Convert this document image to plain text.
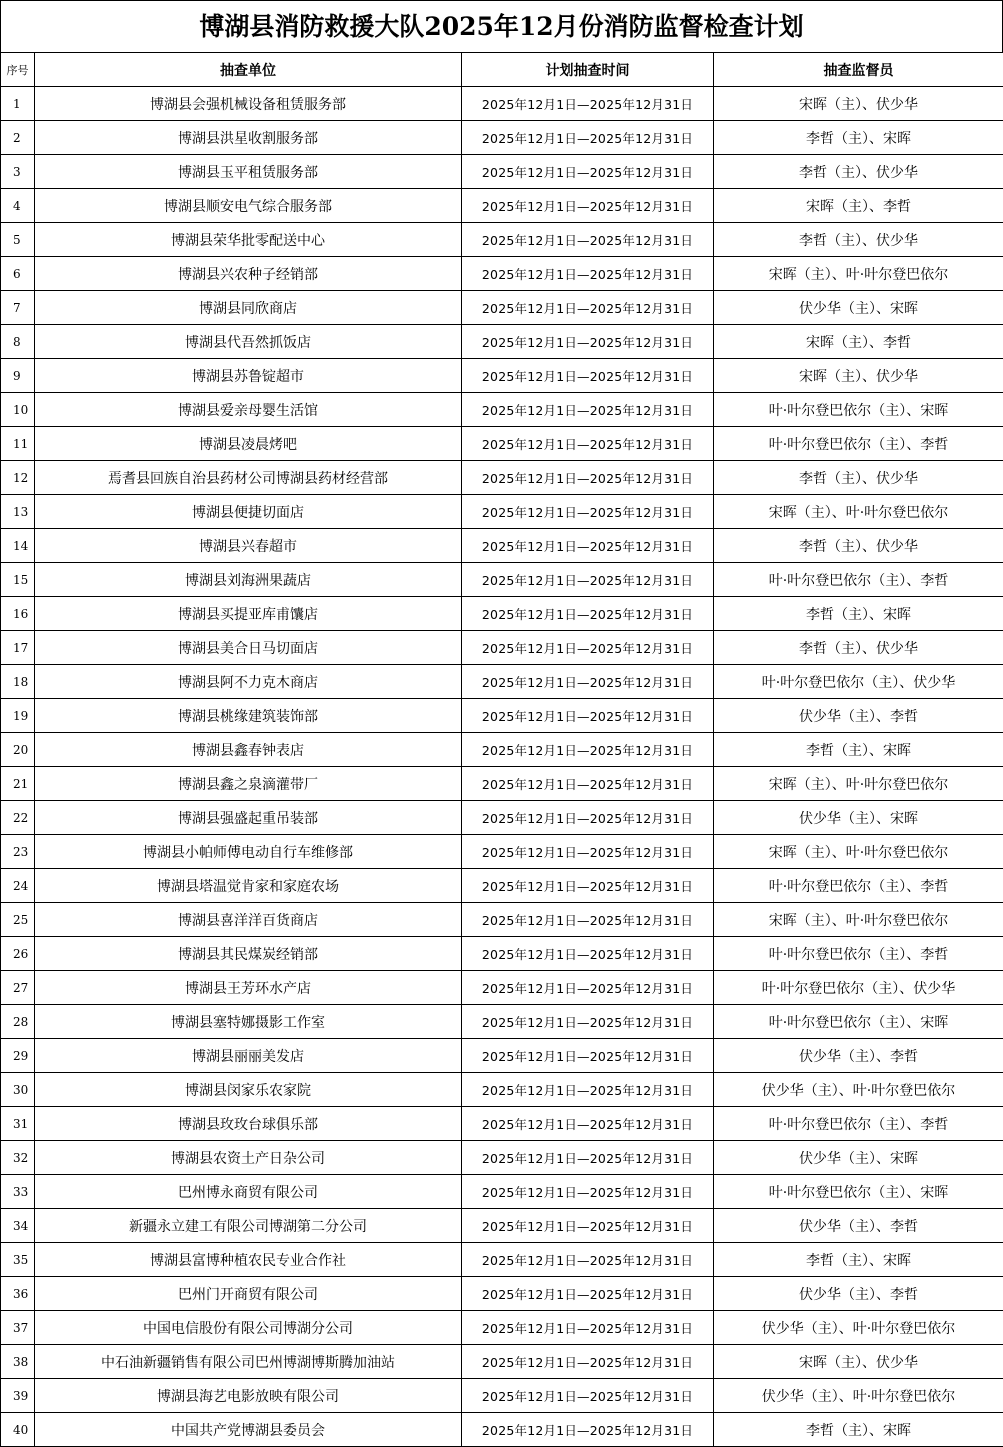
博湖县消防救援大队2025年12月份消防监督检查计划
序号	抽查单位	计划抽查时间	抽查监督员
1	博湖县会强机械设备租赁服务部	2025年12月1日—2025年12月31日	宋晖（主）、伏少华
2	博湖县洪星收割服务部	2025年12月1日—2025年12月31日	李哲（主）、宋晖
3	博湖县玉平租赁服务部	2025年12月1日—2025年12月31日	李哲（主）、伏少华
4	博湖县顺安电气综合服务部	2025年12月1日—2025年12月31日	宋晖（主）、李哲
5	博湖县荣华批零配送中心	2025年12月1日—2025年12月31日	李哲（主）、伏少华
6	博湖县兴农种子经销部	2025年12月1日—2025年12月31日	宋晖（主）、叶·叶尔登巴依尔
7	博湖县同欣商店	2025年12月1日—2025年12月31日	伏少华（主）、宋晖
8	博湖县代吾然抓饭店	2025年12月1日—2025年12月31日	宋晖（主）、李哲
9	博湖县苏鲁锭超市	2025年12月1日—2025年12月31日	宋晖（主）、伏少华
10	博湖县爱亲母婴生活馆	2025年12月1日—2025年12月31日	叶·叶尔登巴依尔（主）、宋晖
11	博湖县凌晨烤吧	2025年12月1日—2025年12月31日	叶·叶尔登巴依尔（主）、李哲
12	焉耆县回族自治县药材公司博湖县药材经营部	2025年12月1日—2025年12月31日	李哲（主）、伏少华
13	博湖县便捷切面店	2025年12月1日—2025年12月31日	宋晖（主）、叶·叶尔登巴依尔
14	博湖县兴春超市	2025年12月1日—2025年12月31日	李哲（主）、伏少华
15	博湖县刘海洲果蔬店	2025年12月1日—2025年12月31日	叶·叶尔登巴依尔（主）、李哲
16	博湖县买提亚库甫馕店	2025年12月1日—2025年12月31日	李哲（主）、宋晖
17	博湖县美合日马切面店	2025年12月1日—2025年12月31日	李哲（主）、伏少华
18	博湖县阿不力克木商店	2025年12月1日—2025年12月31日	叶·叶尔登巴依尔（主）、伏少华
19	博湖县桃缘建筑装饰部	2025年12月1日—2025年12月31日	伏少华（主）、李哲
20	博湖县鑫春钟表店	2025年12月1日—2025年12月31日	李哲（主）、宋晖
21	博湖县鑫之泉滴灌带厂	2025年12月1日—2025年12月31日	宋晖（主）、叶·叶尔登巴依尔
22	博湖县强盛起重吊装部	2025年12月1日—2025年12月31日	伏少华（主）、宋晖
23	博湖县小帕师傅电动自行车维修部	2025年12月1日—2025年12月31日	宋晖（主）、叶·叶尔登巴依尔
24	博湖县塔温觉肯家和家庭农场	2025年12月1日—2025年12月31日	叶·叶尔登巴依尔（主）、李哲
25	博湖县喜洋洋百货商店	2025年12月1日—2025年12月31日	宋晖（主）、叶·叶尔登巴依尔
26	博湖县其民煤炭经销部	2025年12月1日—2025年12月31日	叶·叶尔登巴依尔（主）、李哲
27	博湖县王芳环水产店	2025年12月1日—2025年12月31日	叶·叶尔登巴依尔（主）、伏少华
28	博湖县塞特娜摄影工作室	2025年12月1日—2025年12月31日	叶·叶尔登巴依尔（主）、宋晖
29	博湖县丽丽美发店	2025年12月1日—2025年12月31日	伏少华（主）、李哲
30	博湖县闵家乐农家院	2025年12月1日—2025年12月31日	伏少华（主）、叶·叶尔登巴依尔
31	博湖县玫玫台球俱乐部	2025年12月1日—2025年12月31日	叶·叶尔登巴依尔（主）、李哲
32	博湖县农资土产日杂公司	2025年12月1日—2025年12月31日	伏少华（主）、宋晖
33	巴州博永商贸有限公司	2025年12月1日—2025年12月31日	叶·叶尔登巴依尔（主）、宋晖
34	新疆永立建工有限公司博湖第二分公司	2025年12月1日—2025年12月31日	伏少华（主）、李哲
35	博湖县富博种植农民专业合作社	2025年12月1日—2025年12月31日	李哲（主）、宋晖
36	巴州门开商贸有限公司	2025年12月1日—2025年12月31日	伏少华（主）、李哲
37	中国电信股份有限公司博湖分公司	2025年12月1日—2025年12月31日	伏少华（主）、叶·叶尔登巴依尔
38	中石油新疆销售有限公司巴州博湖博斯腾加油站	2025年12月1日—2025年12月31日	宋晖（主）、伏少华
39	博湖县海艺电影放映有限公司	2025年12月1日—2025年12月31日	伏少华（主）、叶·叶尔登巴依尔
40	中国共产党博湖县委员会	2025年12月1日—2025年12月31日	李哲（主）、宋晖
